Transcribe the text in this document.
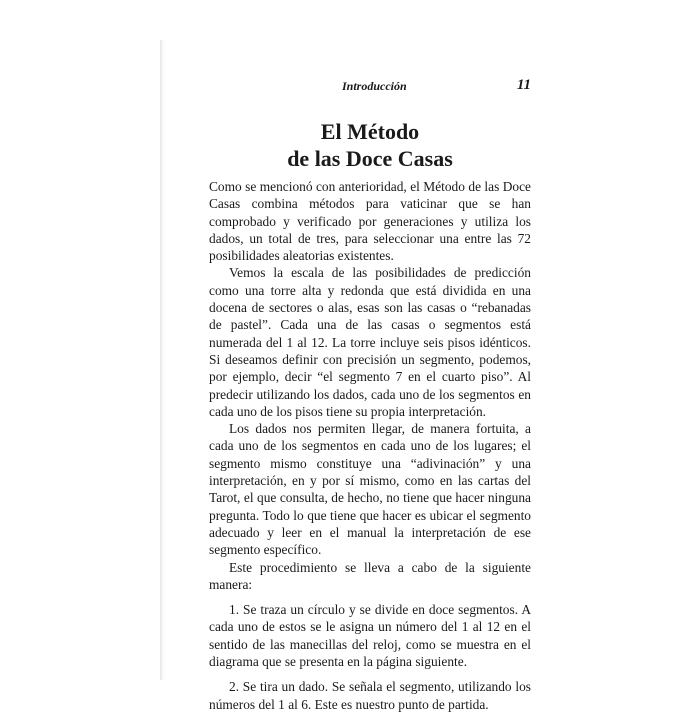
Introducción	11
El Método
de las Doce Casas

Como se mencionó con anterioridad, el Método de las Doce Casas combina métodos para vaticinar que se han comprobado y verificado por generaciones y utiliza los dados, un total de tres, para seleccionar una entre las 72 posibilidades aleatorias existentes.

Vemos la escala de las posibilidades de predicción como una torre alta y redonda que está dividida en una docena de sectores o alas, esas son las casas o “rebanadas de pastel”. Cada una de las casas o segmentos está numerada del 1 al 12. La torre incluye seis pisos idénticos. Si deseamos definir con precisión un segmento, podemos, por ejemplo, decir “el segmento 7 en el cuarto piso”. Al predecir utilizando los dados, cada uno de los segmentos en cada uno de los pisos tiene su propia interpretación.

Los dados nos permiten llegar, de manera fortuita, a cada uno de los segmentos en cada uno de los lugares; el segmento mismo constituye una “adivinación” y una interpretación, en y por sí mismo, como en las cartas del Tarot, el que consulta, de hecho, no tiene que hacer ninguna pregunta. Todo lo que tiene que hacer es ubicar el segmento adecuado y leer en el manual la interpretación de ese segmento específico.

Este procedimiento se lleva a cabo de la siguiente manera:

1. Se traza un círculo y se divide en doce segmentos. A cada uno de estos se le asigna un número del 1 al 12 en el sentido de las manecillas del reloj, como se muestra en el diagrama que se presenta en la página siguiente.

2. Se tira un dado. Se señala el segmento, utilizando los números del 1 al 6. Este es nuestro punto de partida.
